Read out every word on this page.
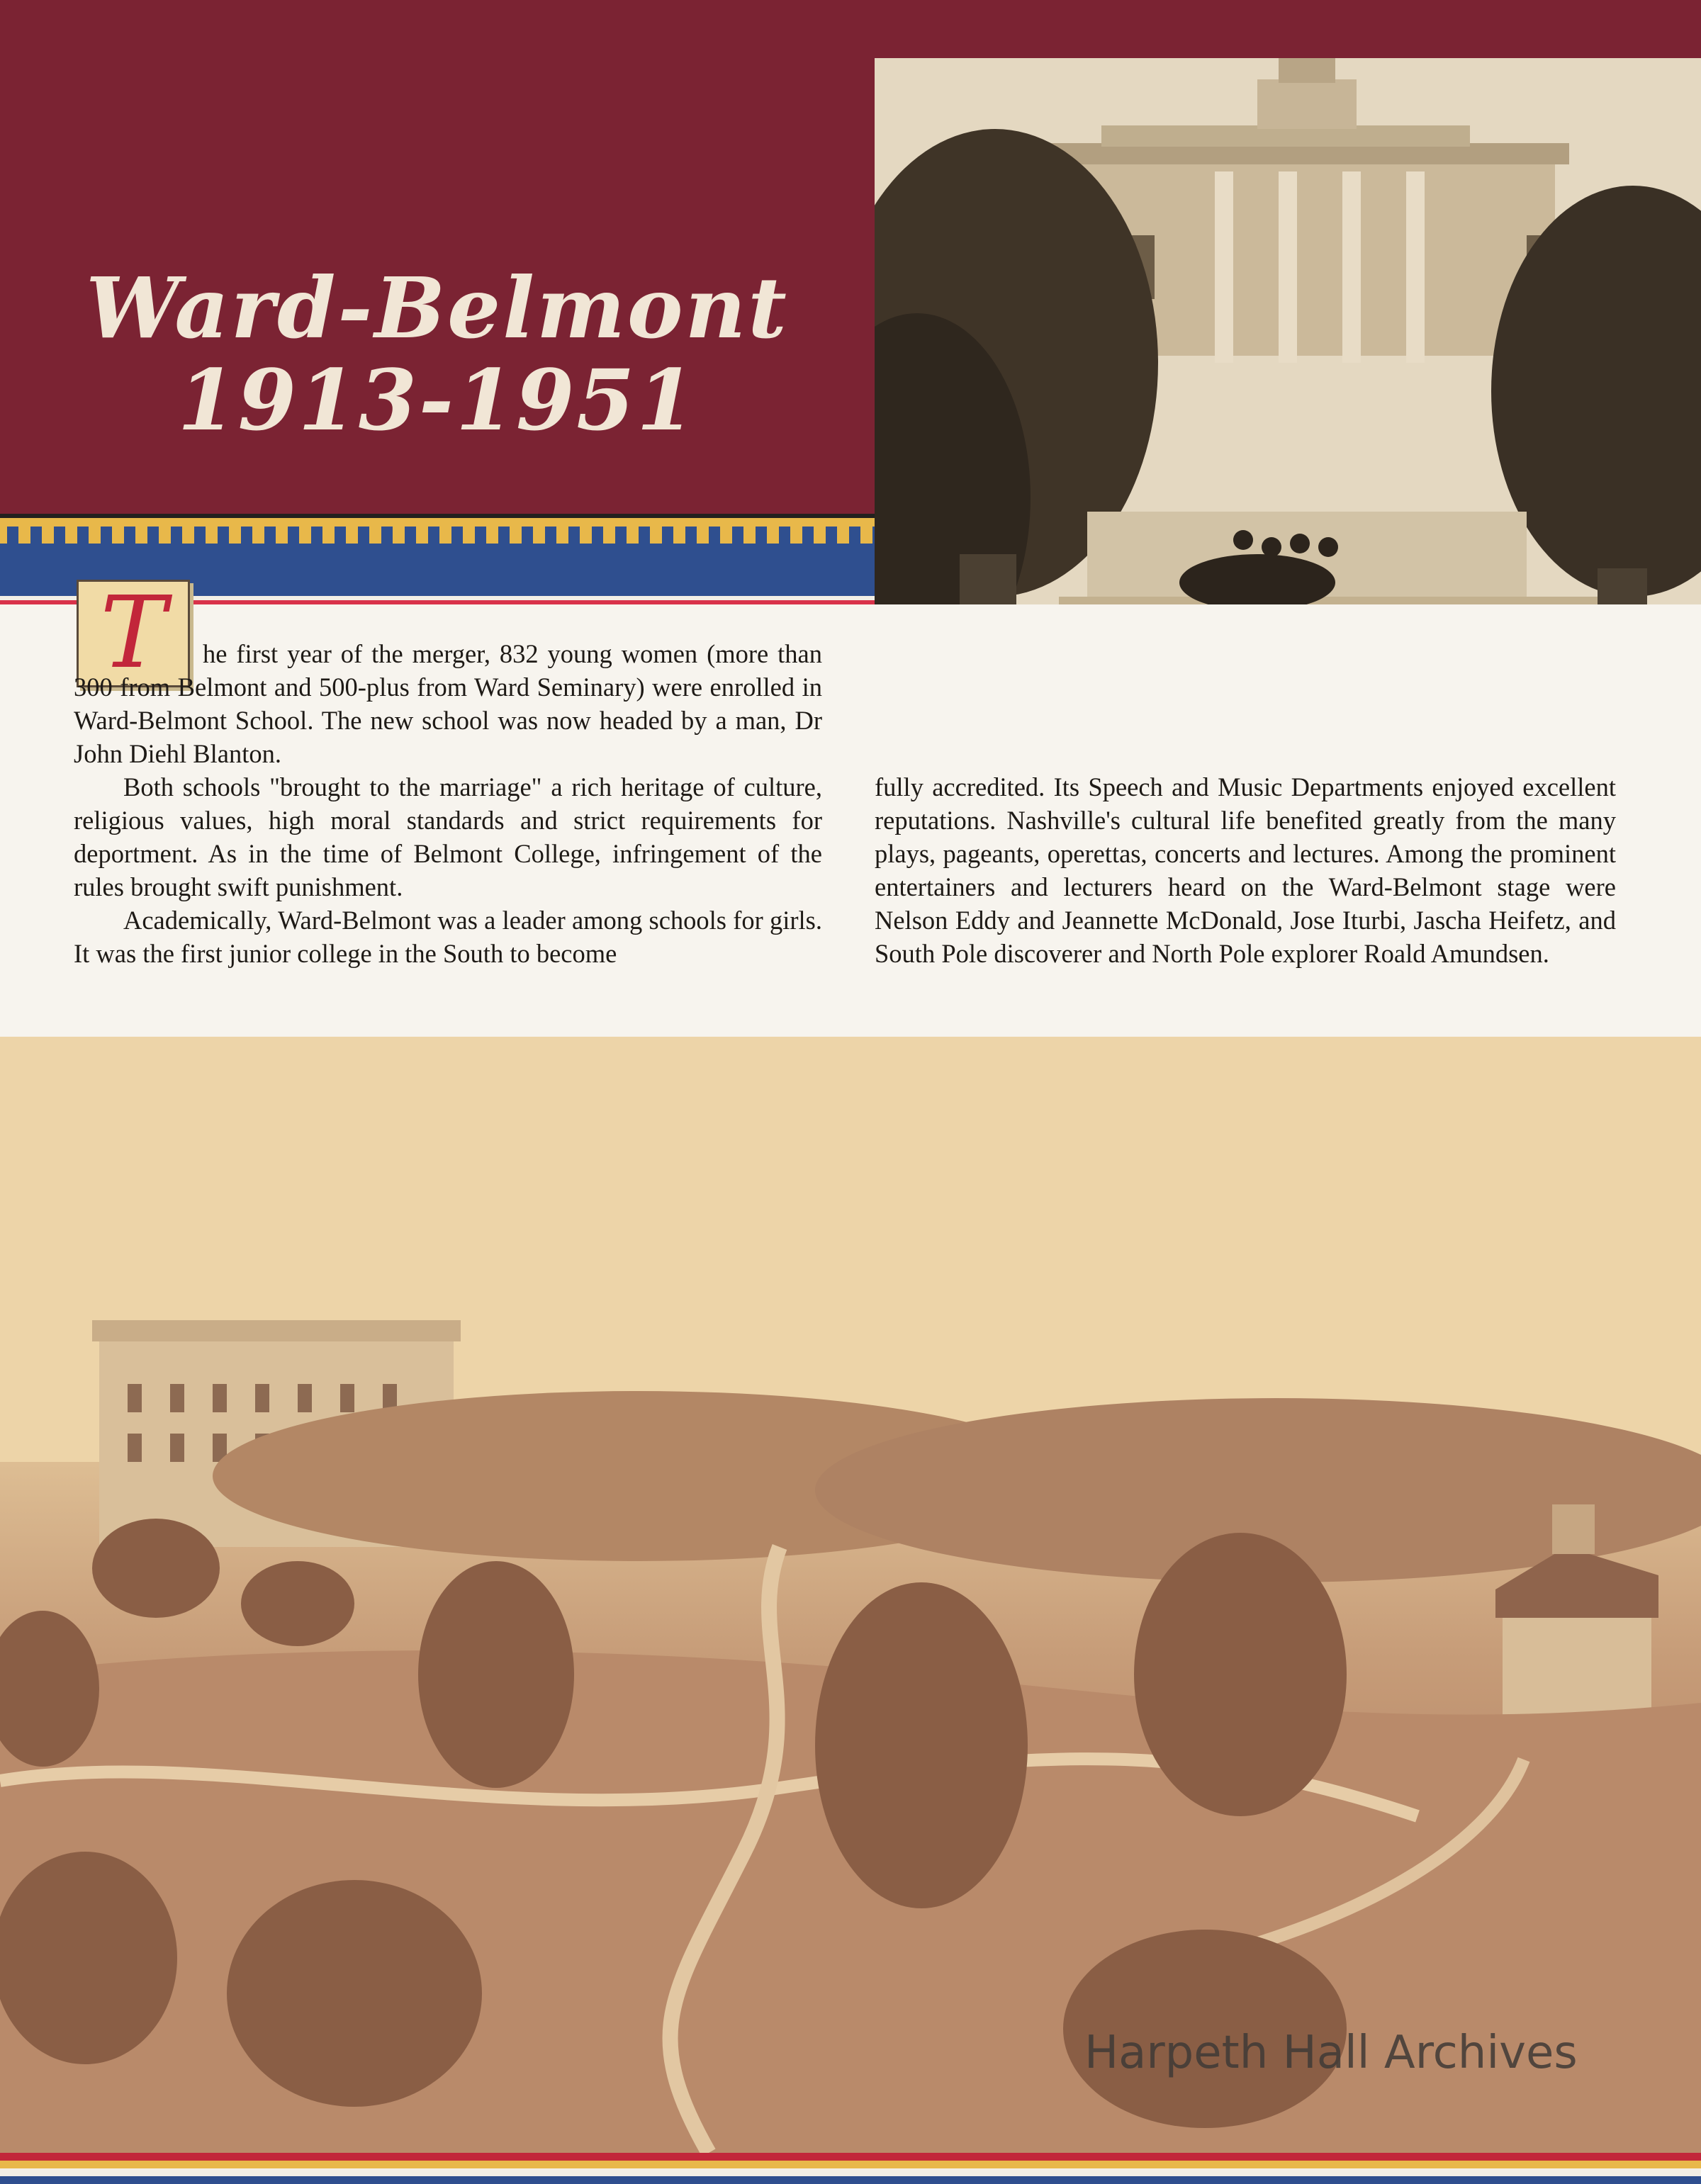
Ward-Belmont
1913-1951
T	he first year of the merger, 832 young women (more than 300 from Belmont and 500-plus from Ward Seminary) were enrolled in Ward-Belmont School. The new school was now headed by a man, Dr John Diehl Blanton.

Both schools "brought to the marriage" a rich heritage of culture, religious values, high moral standards and strict requirements for deportment. As in the time of Belmont College, infringement of the rules brought swift punishment.

Academically, Ward-Belmont was a leader among schools for girls. It was the first junior college in the South to become

fully accredited. Its Speech and Music Departments enjoyed excellent reputations. Nashville's cultural life benefited greatly from the many plays, pageants, operettas, concerts and lectures. Among the prominent entertainers and lecturers heard on the Ward-Belmont stage were Nelson Eddy and Jeannette McDonald, Jose Iturbi, Jascha Heifetz, and South Pole discoverer and North Pole explorer Roald Amundsen.

Harpeth Hall Archives
